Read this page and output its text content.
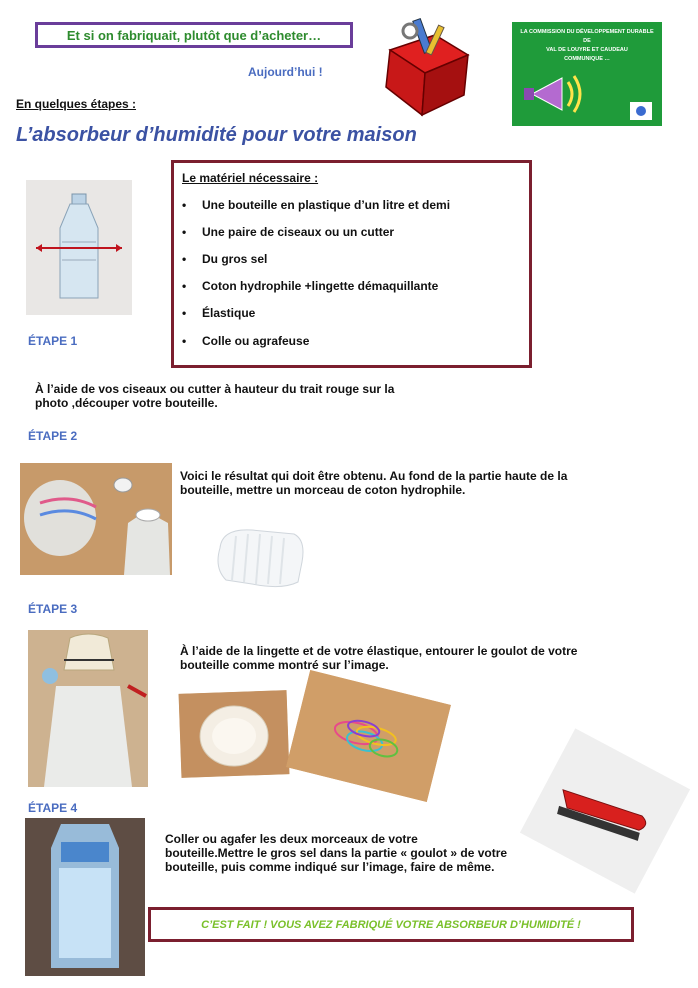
Et si on fabriquait, plutôt que d’acheter…
Aujourd’hui !
LA COMMISSION DU DÉVELOPPEMENT DURABLE
DE
VAL DE LOUYRE ET CAUDEAU
COMMUNIQUE …
En quelques étapes :
L’absorbeur d’humidité pour votre maison
Le matériel nécessaire :
•	Une bouteille en plastique d’un litre et demi
•	Une paire de ciseaux ou un cutter
•	Du gros sel
•	Coton hydrophile +lingette démaquillante
•	Élastique
•	Colle ou agrafeuse
ÉTAPE 1
À l’aide de vos ciseaux ou cutter à hauteur du trait rouge sur la
photo ,découper votre bouteille.
ÉTAPE 2
Voici le résultat qui doit être obtenu. Au fond de la partie haute de la
bouteille, mettre un morceau de coton hydrophile.
ÉTAPE 3
À l’aide de la lingette et de votre élastique, entourer le goulot de votre
bouteille comme montré sur l’image.
ÉTAPE 4
Coller ou agafer les deux morceaux de votre
bouteille.Mettre le gros sel dans la partie « goulot » de votre
bouteille, puis comme indiqué sur l’image, faire de même.
C’EST FAIT ! VOUS AVEZ FABRIQUÉ VOTRE ABSORBEUR D’HUMIDITÉ !
